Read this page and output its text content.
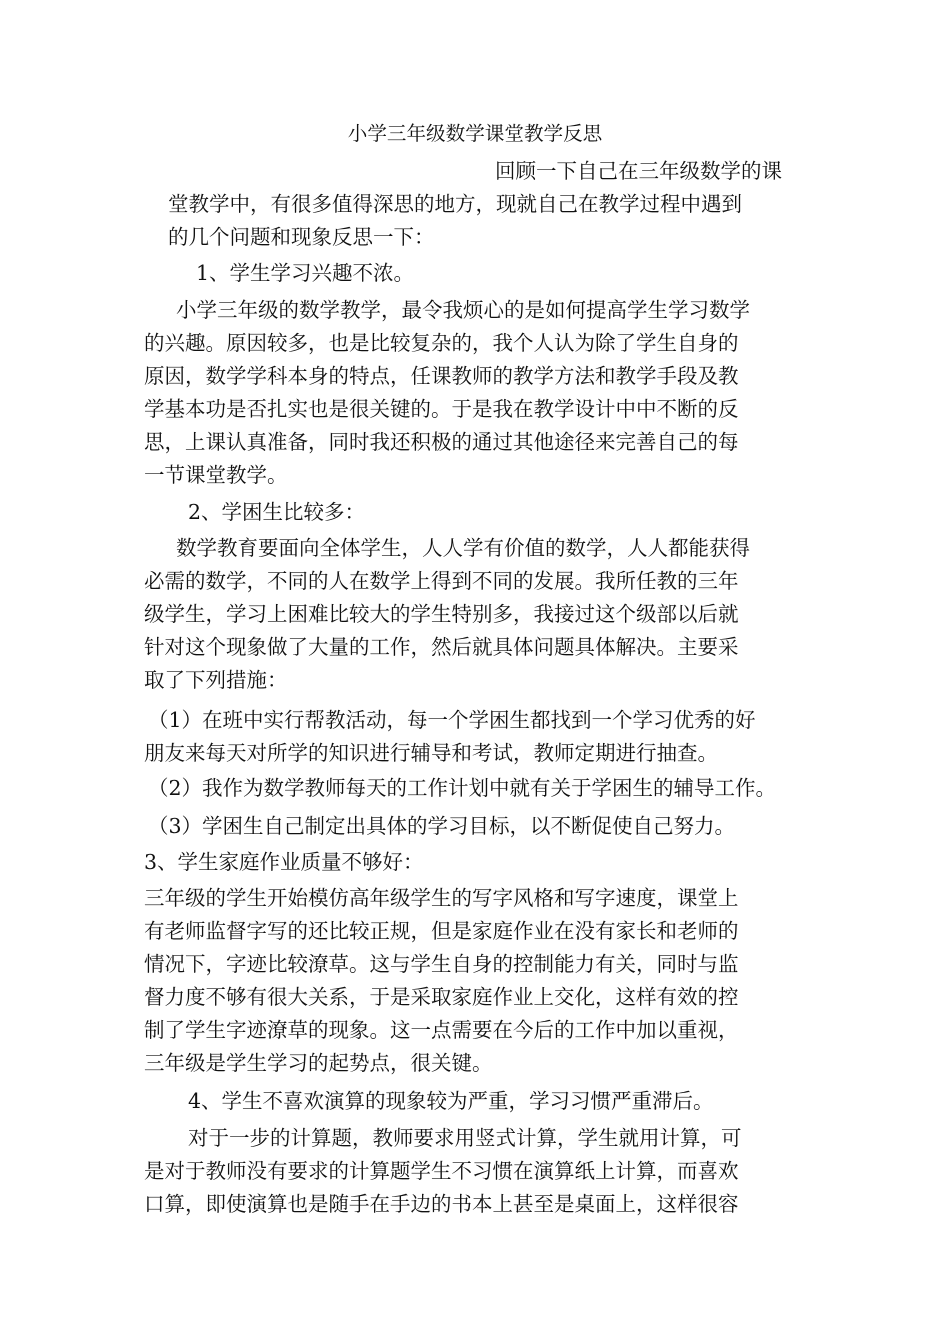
小学三年级数学课堂教学反思
回顾一下自己在三年级数学的课
堂教学中，有很多值得深思的地方，现就自己在教学过程中遇到
的几个问题和现象反思一下：
1、学生学习兴趣不浓。
小学三年级的数学教学，最令我烦心的是如何提高学生学习数学
的兴趣。原因较多，也是比较复杂的，我个人认为除了学生自身的
原因，数学学科本身的特点，任课教师的教学方法和教学手段及教
学基本功是否扎实也是很关键的。于是我在教学设计中中不断的反
思，上课认真准备，同时我还积极的通过其他途径来完善自己的每
一节课堂教学。
2、学困生比较多：
数学教育要面向全体学生，人人学有价值的数学，人人都能获得
必需的数学，不同的人在数学上得到不同的发展。我所任教的三年
级学生，学习上困难比较大的学生特别多，我接过这个级部以后就
针对这个现象做了大量的工作，然后就具体问题具体解决。主要采
取了下列措施：
（1）在班中实行帮教活动，每一个学困生都找到一个学习优秀的好
朋友来每天对所学的知识进行辅导和考试，教师定期进行抽查。
（2）我作为数学教师每天的工作计划中就有关于学困生的辅导工作。
（3）学困生自己制定出具体的学习目标，以不断促使自己努力。
3、学生家庭作业质量不够好：
三年级的学生开始模仿高年级学生的写字风格和写字速度，课堂上
有老师监督字写的还比较正规，但是家庭作业在没有家长和老师的
情况下，字迹比较潦草。这与学生自身的控制能力有关，同时与监
督力度不够有很大关系，于是采取家庭作业上交化，这样有效的控
制了学生字迹潦草的现象。这一点需要在今后的工作中加以重视，
三年级是学生学习的起势点，很关键。
4、学生不喜欢演算的现象较为严重，学习习惯严重滞后。
对于一步的计算题，教师要求用竖式计算，学生就用计算，可
是对于教师没有要求的计算题学生不习惯在演算纸上计算，而喜欢
口算，即使演算也是随手在手边的书本上甚至是桌面上，这样很容
